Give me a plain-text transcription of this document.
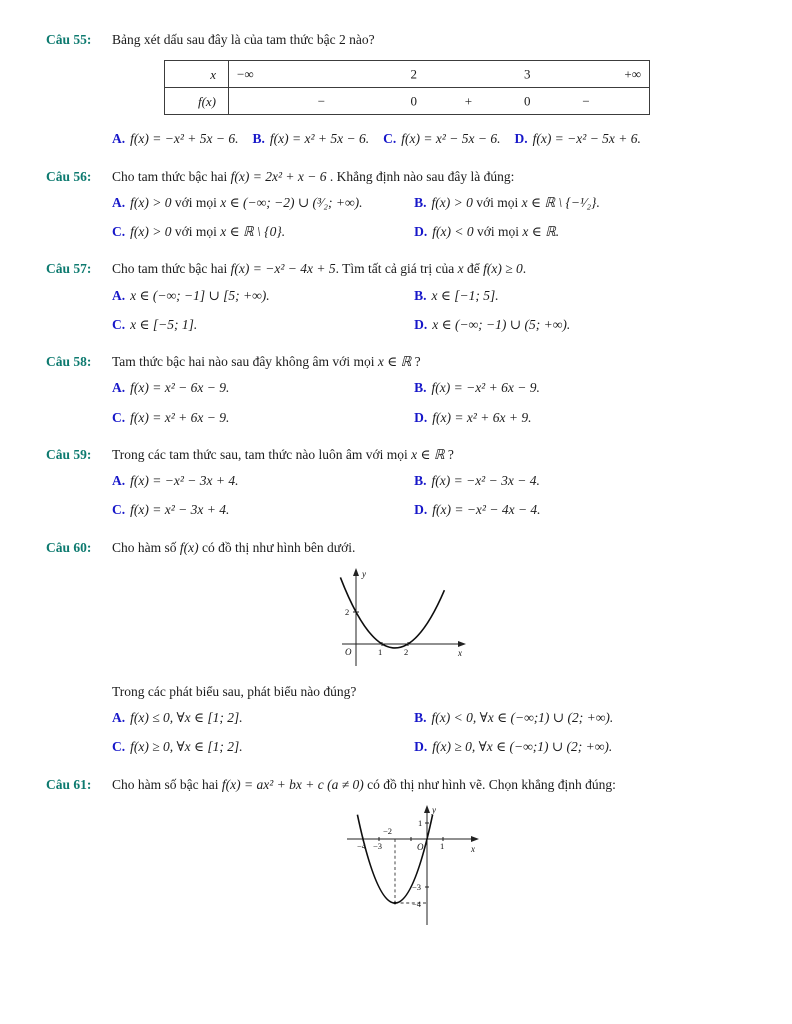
Câu 55:	Bảng xét dấu sau đây là của tam thức bậc 2 nào?
x	−∞ 2 3 +∞

f(x)	− 0 + 0 −
A. f(x) = −x² + 5x − 6. B. f(x) = x² + 5x − 6. C. f(x) = x² − 5x − 6. D. f(x) = −x² − 5x + 6.
Câu 56:	Cho tam thức bậc hai f(x) = 2x² + x − 6 . Khẳng định nào sau đây là đúng:
A. f(x) > 0 với mọi x ∈ (−∞; −2) ∪ (³⁄₂; +∞).	B. f(x) > 0 với mọi x ∈ ℝ \ {−¹⁄₂}.
C. f(x) > 0 với mọi x ∈ ℝ \ {0}.	D. f(x) < 0 với mọi x ∈ ℝ.
Câu 57:	Cho tam thức bậc hai f(x) = −x² − 4x + 5. Tìm tất cả giá trị của x để f(x) ≥ 0.
A. x ∈ (−∞; −1] ∪ [5; +∞).	B. x ∈ [−1; 5].
C. x ∈ [−5; 1].	D. x ∈ (−∞; −1) ∪ (5; +∞).
Câu 58:	Tam thức bậc hai nào sau đây không âm với mọi x ∈ ℝ ?
A. f(x) = x² − 6x − 9.	B. f(x) = −x² + 6x − 9.
C. f(x) = x² + 6x − 9.	D. f(x) = x² + 6x + 9.
Câu 59:	Trong các tam thức sau, tam thức nào luôn âm với mọi x ∈ ℝ ?
A. f(x) = −x² − 3x + 4.	B. f(x) = −x² − 3x − 4.
C. f(x) = x² − 3x + 4.	D. f(x) = −x² − 4x − 4.
Câu 60:	Cho hàm số f(x) có đồ thị như hình bên dưới.
y
x
O	1	2
2
Trong các phát biểu sau, phát biểu nào đúng?
A. f(x) ≤ 0, ∀x ∈ [1; 2].	B. f(x) < 0, ∀x ∈ (−∞;1) ∪ (2; +∞).
C. f(x) ≥ 0, ∀x ∈ [1; 2].	D. f(x) ≥ 0, ∀x ∈ (−∞;1) ∪ (2; +∞).
Câu 61:	Cho hàm số bậc hai f(x) = ax² + bx + c (a ≠ 0) có đồ thị như hình vẽ. Chọn khẳng định đúng:
y
x
O
−4 −3
−2
1
1
−3
−4
